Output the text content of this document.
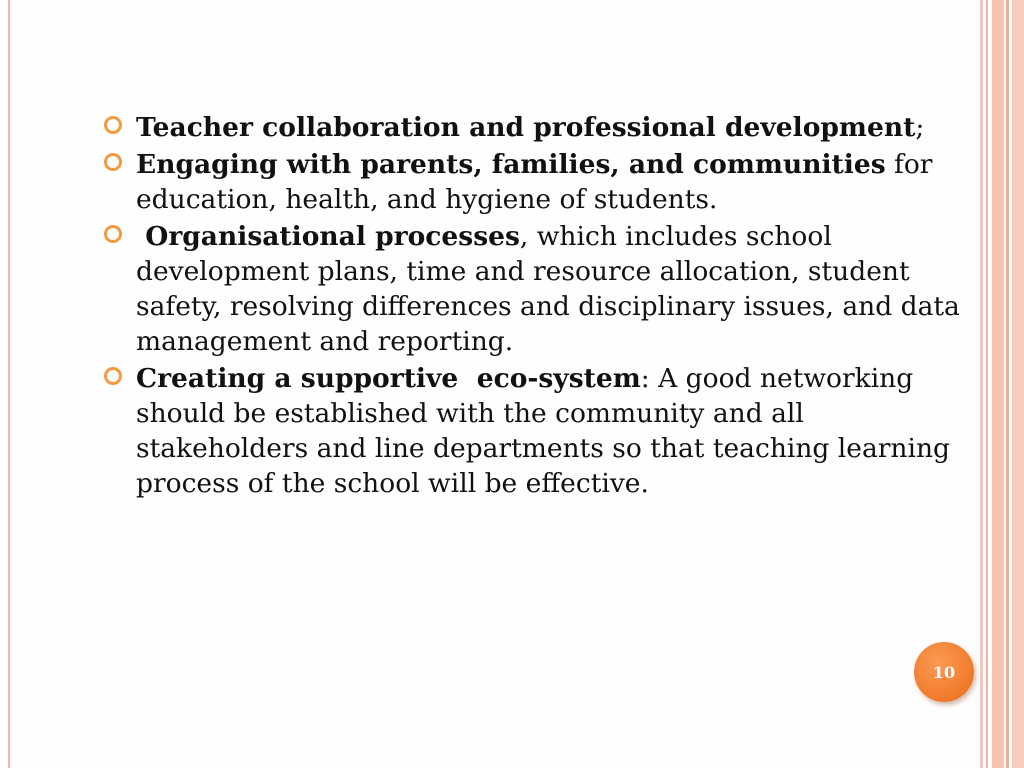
Teacher collaboration and professional development;
Engaging with parents, families, and communities for education, health, and hygiene of students.
Organisational processes, which includes school development plans, time and resource allocation, student safety, resolving differences and disciplinary issues, and data management and reporting.
Creating a supportive  eco-system: A good networking should be established with the community and all stakeholders and line departments so that teaching learning process of the school will be effective.
10
